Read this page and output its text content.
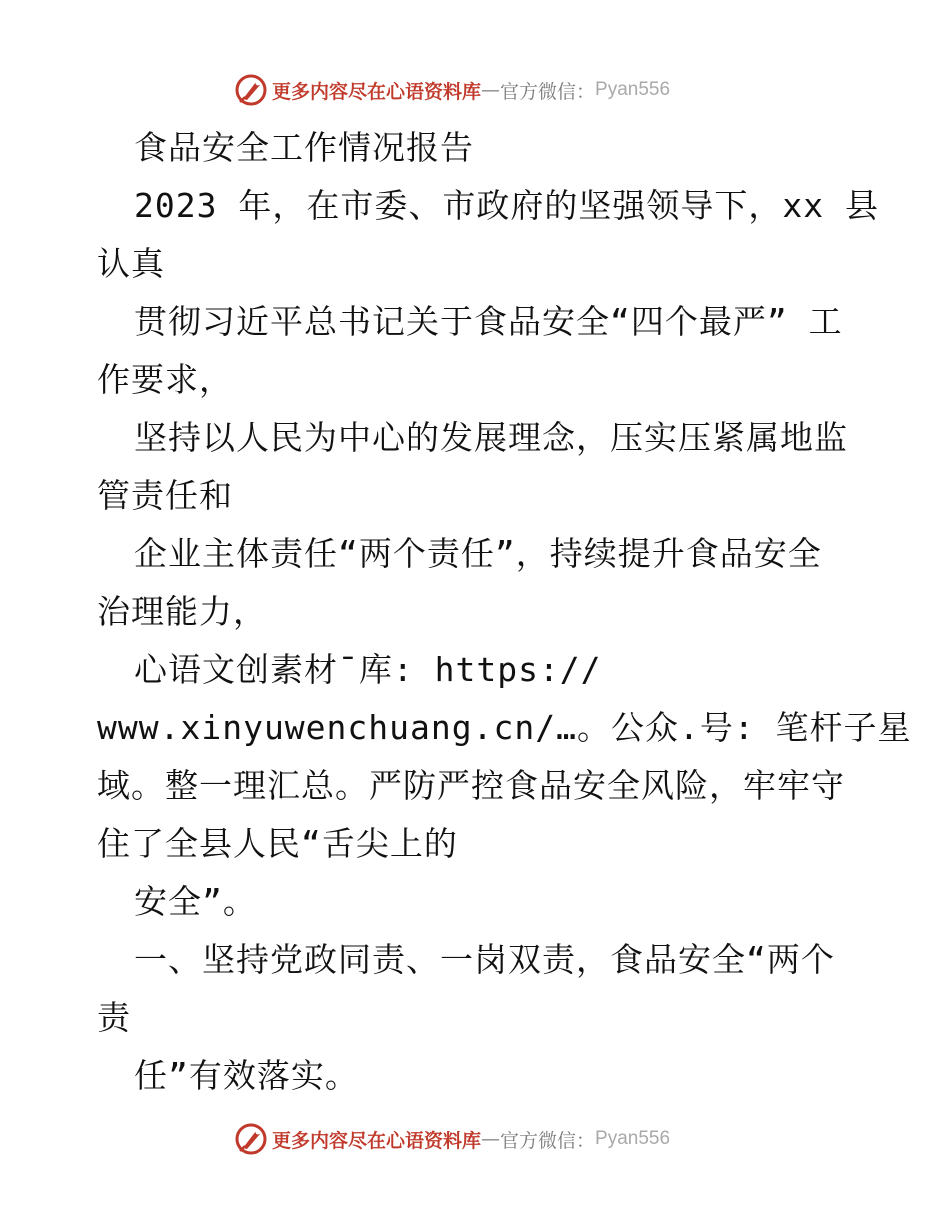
更多内容尽在心语资料库 — 官方微信： Pyan556
食品安全工作情况报告
2023 年，在市委、市政府的坚强领导下，xx 县
认真
贯彻习近平总书记关于食品安全“四个最严” 工
作要求，
坚持以人民为中心的发展理念，压实压紧属地监
管责任和
企业主体责任“两个责任”，持续提升食品安全
治理能力，
心语文创素材¯库: https://
www.xinyuwenchuang.cn/…。公众.号: 笔杆子星
域。整一理汇总。严防严控食品安全风险，牢牢守
住了全县人民“舌尖上的
安全”。
一、坚持党政同责、一岗双责，食品安全“两个
责
任”有效落实。
更多内容尽在心语资料库 — 官方微信： Pyan556
